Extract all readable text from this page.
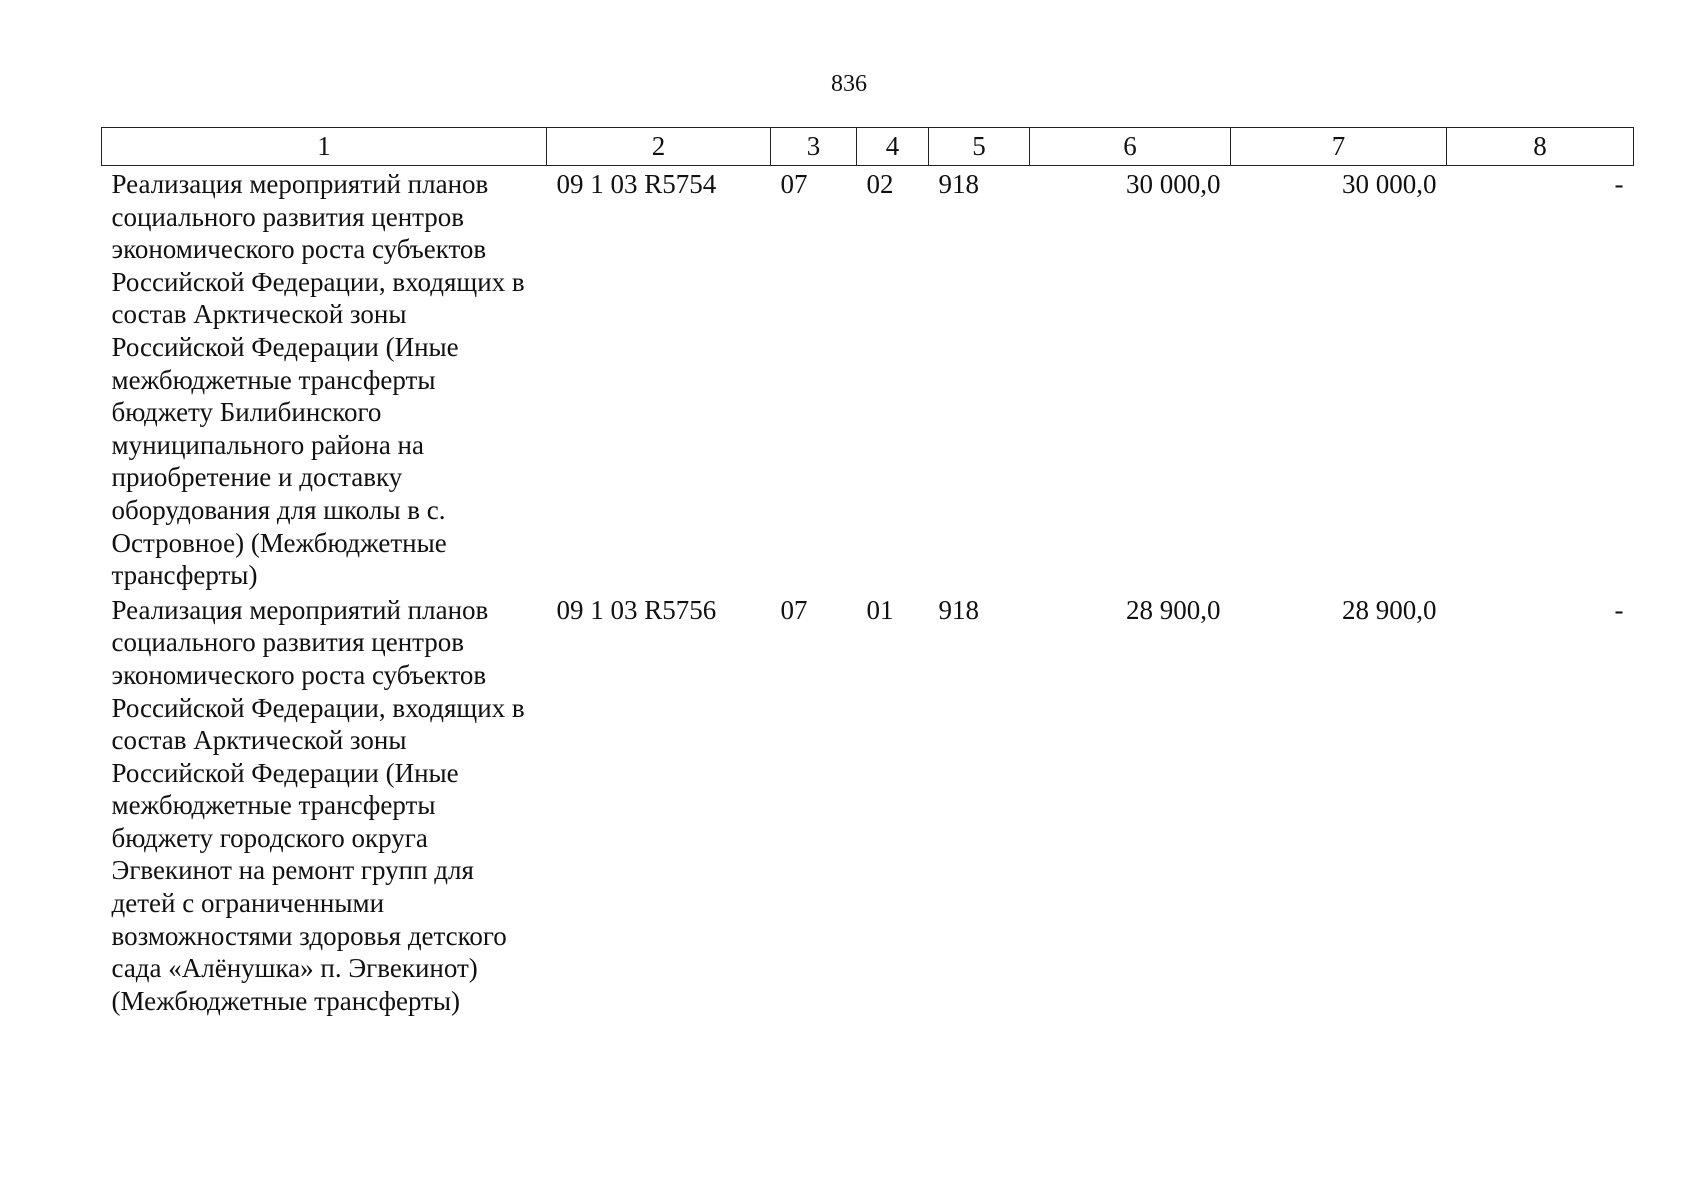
836
1	2	3	4	5	6	7	8
Реализация мероприятий планов социального развития центров экономического роста субъектов Российской Федерации, входящих в состав Арктической зоны Российской Федерации (Иные межбюджетные трансферты бюджету Билибинского муниципального района на приобретение и доставку оборудования для школы в с. Островное) (Межбюджетные трансферты)	09 1 03 R5754	07	02	918	30 000,0	30 000,0	-
Реализация мероприятий планов социального развития центров экономического роста субъектов Российской Федерации, входящих в состав Арктической зоны Российской Федерации (Иные межбюджетные трансферты бюджету городского округа Эгвекинот на ремонт групп для детей с ограниченными возможностями здоровья детского сада «Алёнушка» п. Эгвекинот) (Межбюджетные трансферты)	09 1 03 R5756	07	01	918	28 900,0	28 900,0	-
